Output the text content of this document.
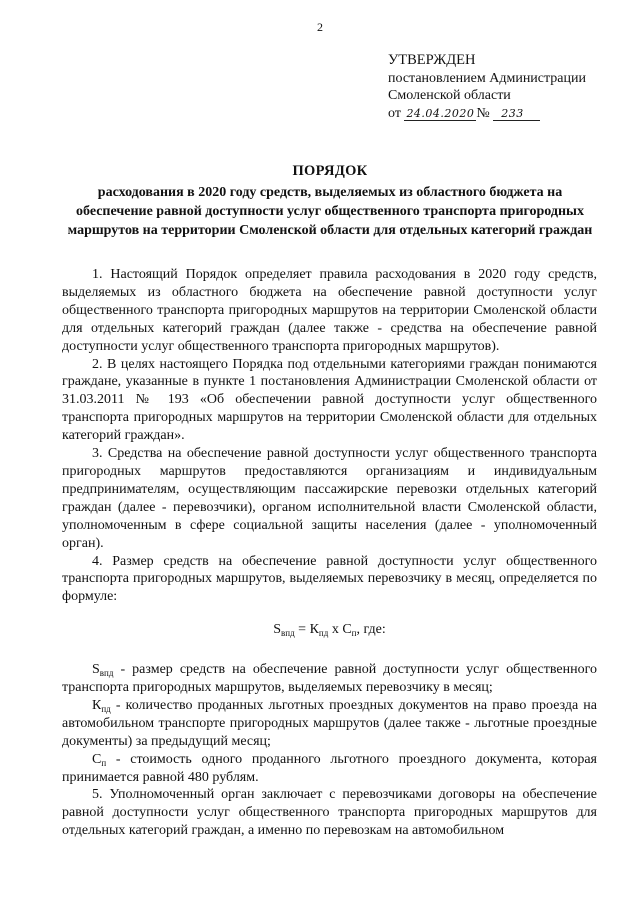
2
УТВЕРЖДЕН
постановлением Администрации
Смоленской области
от 24.04.2020 № 233
ПОРЯДОК
расходования в 2020 году средств, выделяемых из областного бюджета на обеспечение равной доступности услуг общественного транспорта пригородных маршрутов на территории Смоленской области для отдельных категорий граждан

1. Настоящий Порядок определяет правила расходования в 2020 году средств, выделяемых из областного бюджета на обеспечение равной доступности услуг общественного транспорта пригородных маршрутов на территории Смоленской области для отдельных категорий граждан (далее также - средства на обеспечение равной доступности услуг общественного транспорта пригородных маршрутов).

2. В целях настоящего Порядка под отдельными категориями граждан понимаются граждане, указанные в пункте 1 постановления Администрации Смоленской области от 31.03.2011 № 193 «Об обеспечении равной доступности услуг общественного транспорта пригородных маршрутов на территории Смоленской области для отдельных категорий граждан».

3. Средства на обеспечение равной доступности услуг общественного транспорта пригородных маршрутов предоставляются организациям и индивидуальным предпринимателям, осуществляющим пассажирские перевозки отдельных категорий граждан (далее - перевозчики), органом исполнительной власти Смоленской области, уполномоченным в сфере социальной защиты населения (далее - уполномоченный орган).

4. Размер средств на обеспечение равной доступности услуг общественного транспорта пригородных маршрутов, выделяемых перевозчику в месяц, определяется по формуле:

$S_{впд} = К_{пд}$ х $С_п$, где:

$S_{впд}$ - размер средств на обеспечение равной доступности услуг общественного транспорта пригородных маршрутов, выделяемых перевозчику в месяц;

$К_{пд}$ - количество проданных льготных проездных документов на право проезда на автомобильном транспорте пригородных маршрутов (далее также - льготные проездные документы) за предыдущий месяц;

$С_п$ - стоимость одного проданного льготного проездного документа, которая принимается равной 480 рублям.

5. Уполномоченный орган заключает с перевозчиками договоры на обеспечение равной доступности услуг общественного транспорта пригородных маршрутов для отдельных категорий граждан, а именно по перевозкам на автомобильном
